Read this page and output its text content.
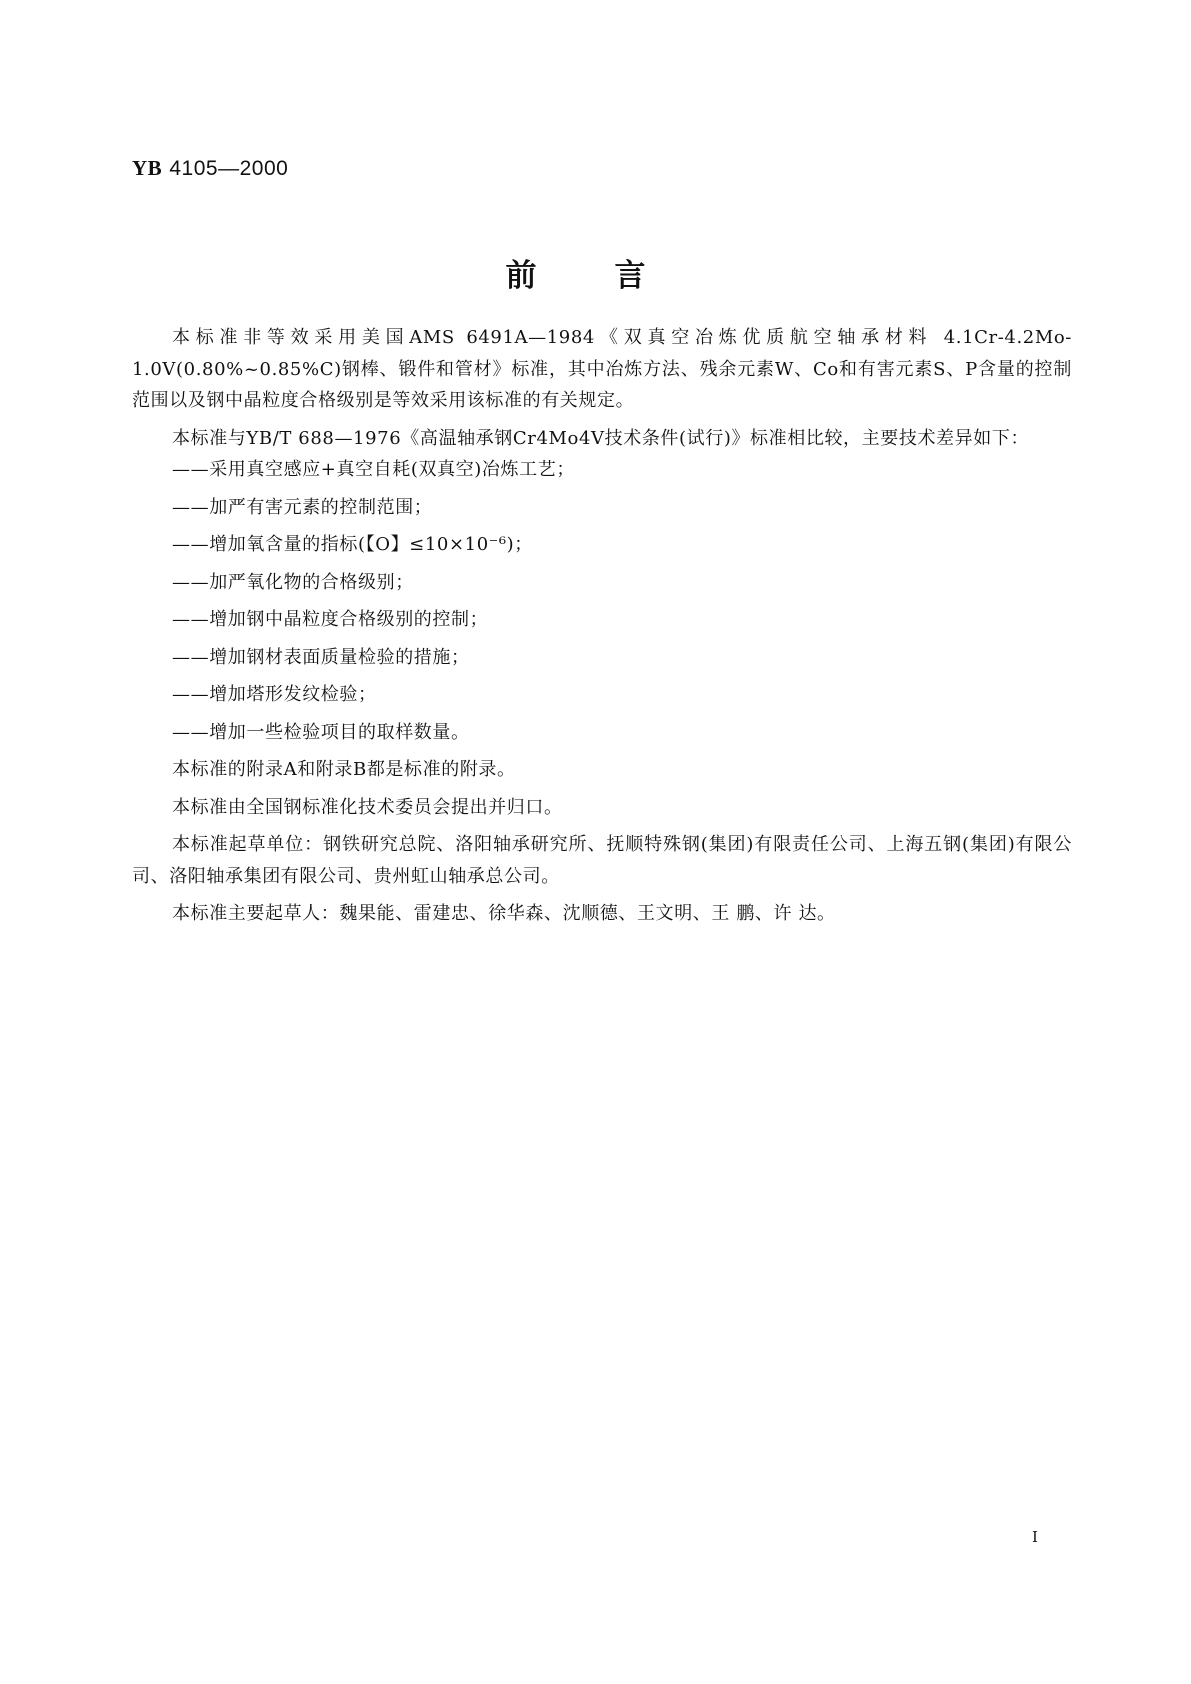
YB 4105—2000
前言

本标准非等效采用美国AMS 6491A—1984《双真空冶炼优质航空轴承材料 4.1Cr-4.2Mo-1.0V(0.80%~0.85%C)钢棒、锻件和管材》标准，其中冶炼方法、残余元素W、Co和有害元素S、P含量的控制范围以及钢中晶粒度合格级别是等效采用该标准的有关规定。

本标准与YB/T 688—1976《高温轴承钢Cr4Mo4V技术条件(试行)》标准相比较，主要技术差异如下：

——采用真空感应+真空自耗(双真空)冶炼工艺；
——加严有害元素的控制范围；
——增加氧含量的指标(【O】≤10×10⁻⁶)；
——加严氧化物的合格级别；
——增加钢中晶粒度合格级别的控制；
——增加钢材表面质量检验的措施；
——增加塔形发纹检验；
——增加一些检验项目的取样数量。

本标准的附录A和附录B都是标准的附录。

本标准由全国钢标准化技术委员会提出并归口。

本标准起草单位：钢铁研究总院、洛阳轴承研究所、抚顺特殊钢(集团)有限责任公司、上海五钢(集团)有限公司、洛阳轴承集团有限公司、贵州虹山轴承总公司。

本标准主要起草人：魏果能、雷建忠、徐华森、沈顺德、王文明、王 鹏、许 达。

I
